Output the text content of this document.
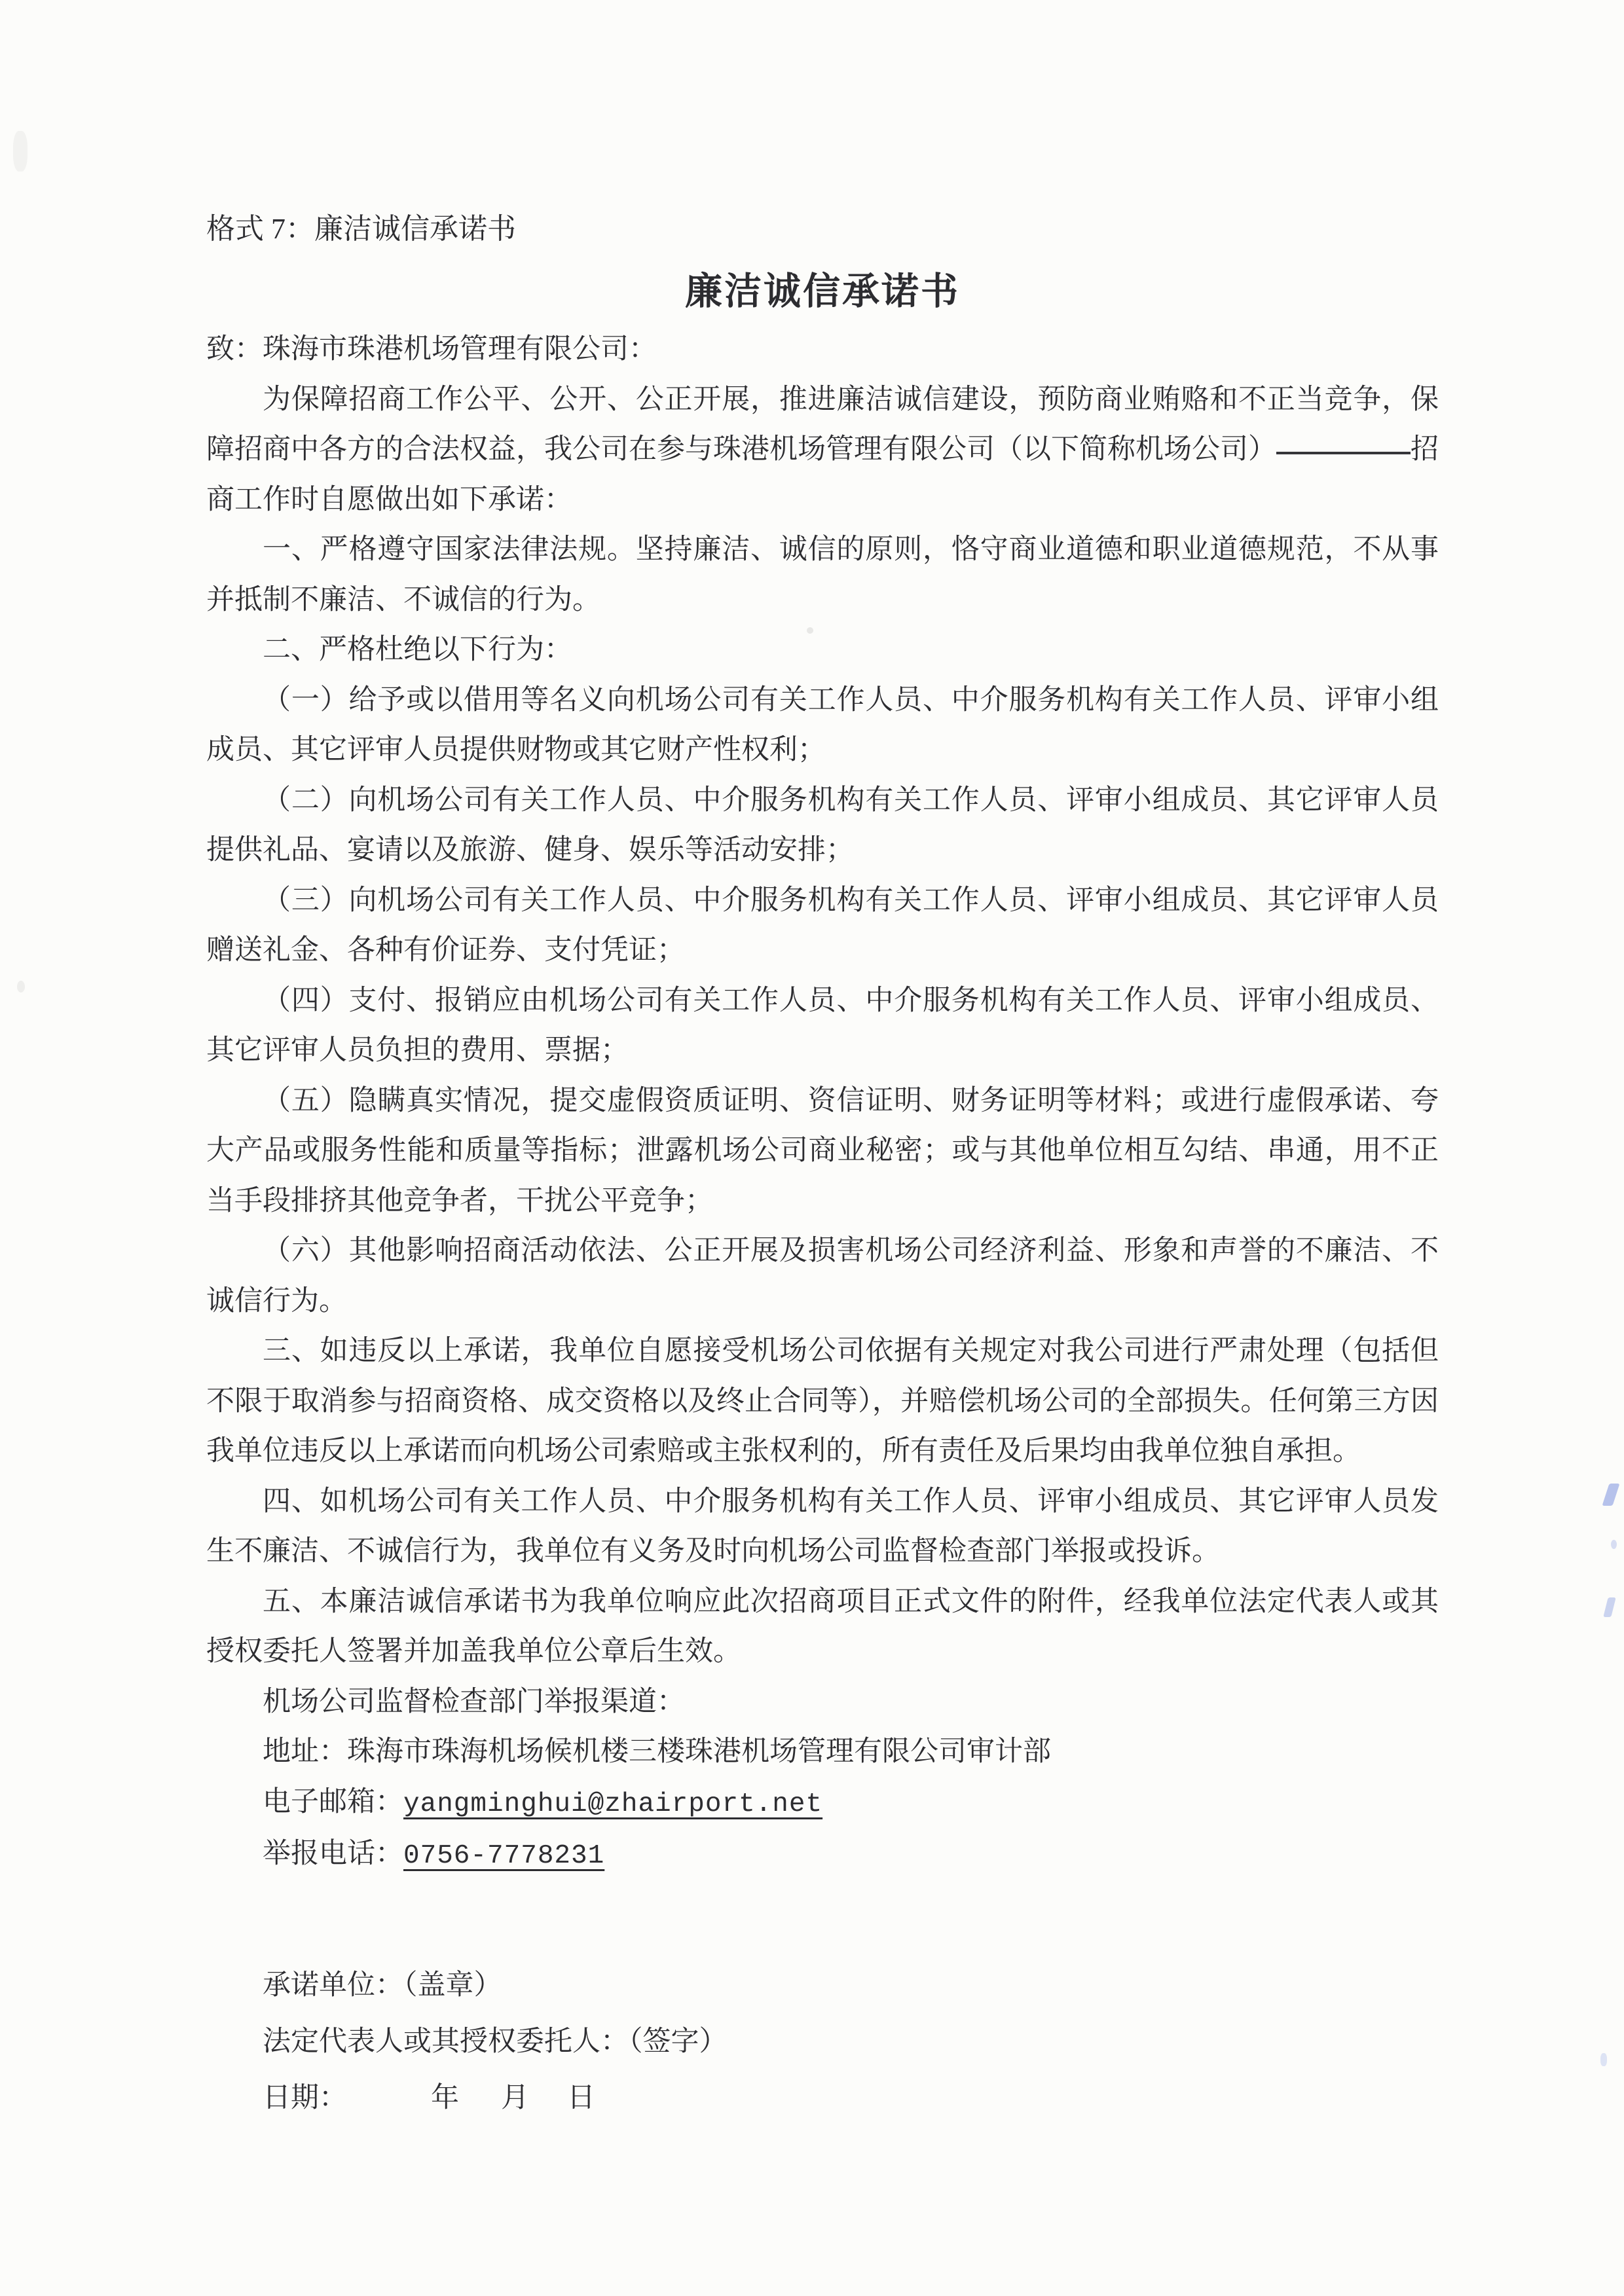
格式 7：廉洁诚信承诺书

廉洁诚信承诺书

致：珠海市珠港机场管理有限公司：

为保障招商工作公平、公开、公正开展，推进廉洁诚信建设，预防商业贿赂和不正当竞争，保障招商中各方的合法权益，我公司在参与珠港机场管理有限公司（以下简称机场公司）	招商工作时自愿做出如下承诺：

一、严格遵守国家法律法规。坚持廉洁、诚信的原则，恪守商业道德和职业道德规范，不从事并抵制不廉洁、不诚信的行为。

二、严格杜绝以下行为：

（一）给予或以借用等名义向机场公司有关工作人员、中介服务机构有关工作人员、评审小组成员、其它评审人员提供财物或其它财产性权利；

（二）向机场公司有关工作人员、中介服务机构有关工作人员、评审小组成员、其它评审人员提供礼品、宴请以及旅游、健身、娱乐等活动安排；

（三）向机场公司有关工作人员、中介服务机构有关工作人员、评审小组成员、其它评审人员赠送礼金、各种有价证券、支付凭证；

（四）支付、报销应由机场公司有关工作人员、中介服务机构有关工作人员、评审小组成员、其它评审人员负担的费用、票据；

（五）隐瞒真实情况，提交虚假资质证明、资信证明、财务证明等材料；或进行虚假承诺、夸大产品或服务性能和质量等指标；泄露机场公司商业秘密；或与其他单位相互勾结、串通，用不正当手段排挤其他竞争者，干扰公平竞争；

（六）其他影响招商活动依法、公正开展及损害机场公司经济利益、形象和声誉的不廉洁、不诚信行为。

三、如违反以上承诺，我单位自愿接受机场公司依据有关规定对我公司进行严肃处理（包括但不限于取消参与招商资格、成交资格以及终止合同等），并赔偿机场公司的全部损失。任何第三方因我单位违反以上承诺而向机场公司索赔或主张权利的，所有责任及后果均由我单位独自承担。

四、如机场公司有关工作人员、中介服务机构有关工作人员、评审小组成员、其它评审人员发生不廉洁、不诚信行为，我单位有义务及时向机场公司监督检查部门举报或投诉。

五、本廉洁诚信承诺书为我单位响应此次招商项目正式文件的附件，经我单位法定代表人或其授权委托人签署并加盖我单位公章后生效。

机场公司监督检查部门举报渠道：

地址：珠海市珠海机场候机楼三楼珠港机场管理有限公司审计部

电子邮箱：yangminghui@zhairport.net

举报电话：0756-7778231

承诺单位：（盖章）

法定代表人或其授权委托人：（签字）

日期：	年 月 日
